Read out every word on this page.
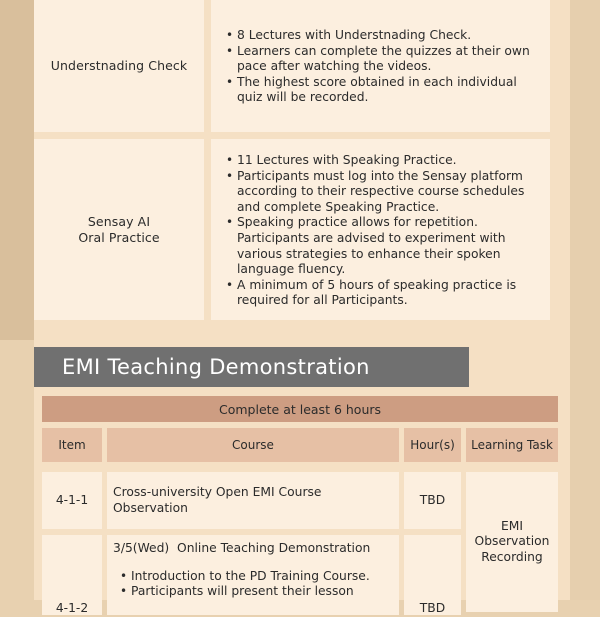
Understnading Check
• 8 Lectures with Understnading Check.
• Learners can complete the quizzes at their own pace after watching the videos.
• The highest score obtained in each individual quiz will be recorded.
Sensay AI
Oral Practice
• 11 Lectures with Speaking Practice.
• Participants must log into the Sensay platform according to their respective course schedules and complete Speaking Practice.
• Speaking practice allows for repetition. Participants are advised to experiment with various strategies to enhance their spoken language fluency.
• A minimum of 5 hours of speaking practice is required for all Participants.
EMI Teaching Demonstration
Complete at least 6 hours
Item	Course	Hour(s) Learning Task
4-1-1
Cross-university Open EMI Course Observation
TBD
EMI Observation Recording
4-1-2
3/5(Wed)  Online Teaching Demonstration
• Introduction to the PD Training Course.
• Participants will present their lesson
TBD
